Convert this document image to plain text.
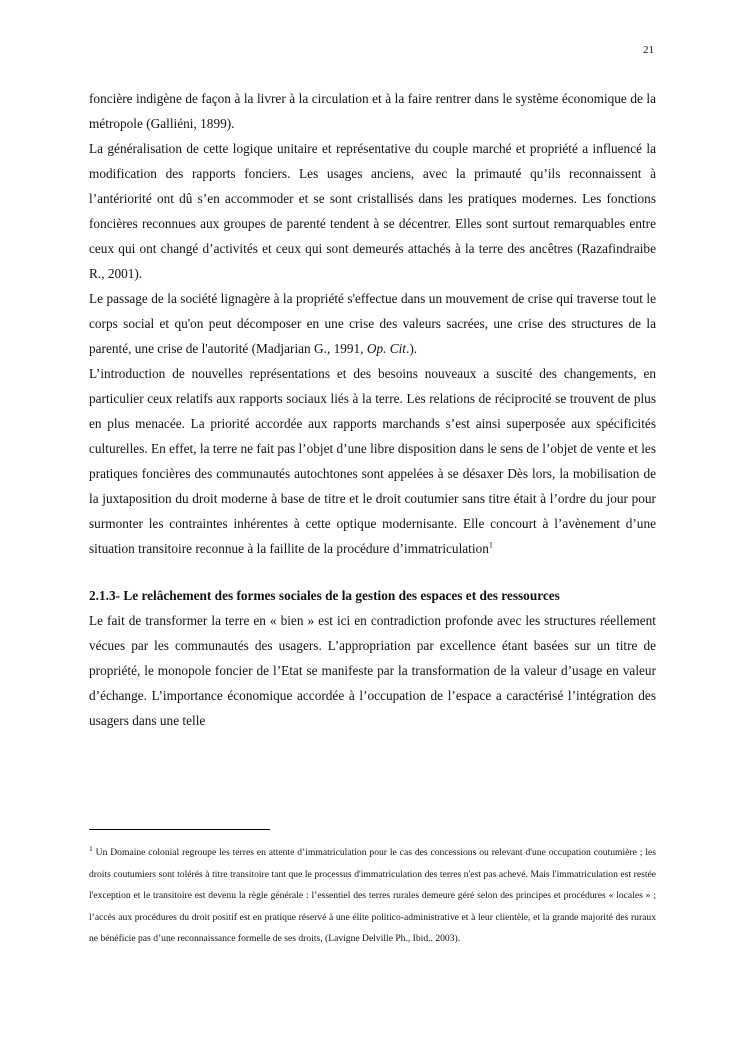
21

foncière indigène de façon à la livrer à la circulation et à la faire rentrer dans le système économique de la métropole (Galliéni, 1899).

La généralisation de cette logique unitaire et représentative du couple marché et propriété a influencé la modification des rapports fonciers. Les usages anciens, avec la primauté qu’ils reconnaissent à l’antériorité ont dû s’en accommoder et se sont cristallisés dans les pratiques modernes. Les fonctions foncières reconnues aux groupes de parenté tendent à se décentrer. Elles sont surtout remarquables entre ceux qui ont changé d’activités et ceux qui sont demeurés attachés à la terre des ancêtres (Razafindraibe R., 2001).

Le passage de la société lignagère à la propriété s'effectue dans un mouvement de crise qui traverse tout le corps social et qu'on peut décomposer en une crise des valeurs sacrées, une crise des structures de la parenté, une crise de l'autorité (Madjarian G., 1991, Op. Cit.).

L’introduction de nouvelles représentations et des besoins nouveaux a suscité des changements, en particulier ceux relatifs aux rapports sociaux liés à la terre. Les relations de réciprocité se trouvent de plus en plus menacée. La priorité accordée aux rapports marchands s’est ainsi superposée aux spécificités culturelles. En effet, la terre ne fait pas l’objet d’une libre disposition dans le sens de l’objet de vente et les pratiques foncières des communautés autochtones sont appelées à se désaxer Dès lors, la mobilisation de la juxtaposition du droit moderne à base de titre et le droit coutumier sans titre était à l’ordre du jour pour surmonter les contraintes inhérentes à cette optique modernisante. Elle concourt à l’avènement d’une situation transitoire reconnue à la faillite de la procédure d’immatriculation$^1$

2.1.3- Le relâchement des formes sociales de la gestion des espaces et des ressources

Le fait de transformer la terre en « bien » est ici en contradiction profonde avec les structures réellement vécues par les communautés des usagers. L’appropriation par excellence étant basées sur un titre de propriété, le monopole foncier de l’Etat se manifeste par la transformation de la valeur d’usage en valeur d’échange. L’importance économique accordée à l’occupation de l’espace a caractérisé l’intégration des usagers dans une telle

$^1$ Un Domaine colonial regroupe les terres en attente d’immatriculation pour le cas des concessions ou relevant d'une occupation coutumière ; les droits coutumiers sont tolérés à titre transitoire tant que le processus d'immatriculation des terres n'est pas achevé. Mais l'immatriculation est restée l'exception et le transitoire est devenu la règle générale : l’essentiel des terres rurales demeure géré selon des principes et procédures « locales » ; l’accès aux procédures du droit positif est en pratique réservé à une élite politico-administrative et à leur clientèle, et la grande majorité des ruraux ne bénéficie pas d’une reconnaissance formelle de ses droits, (Lavigne Delville Ph., Ibid.. 2003).
